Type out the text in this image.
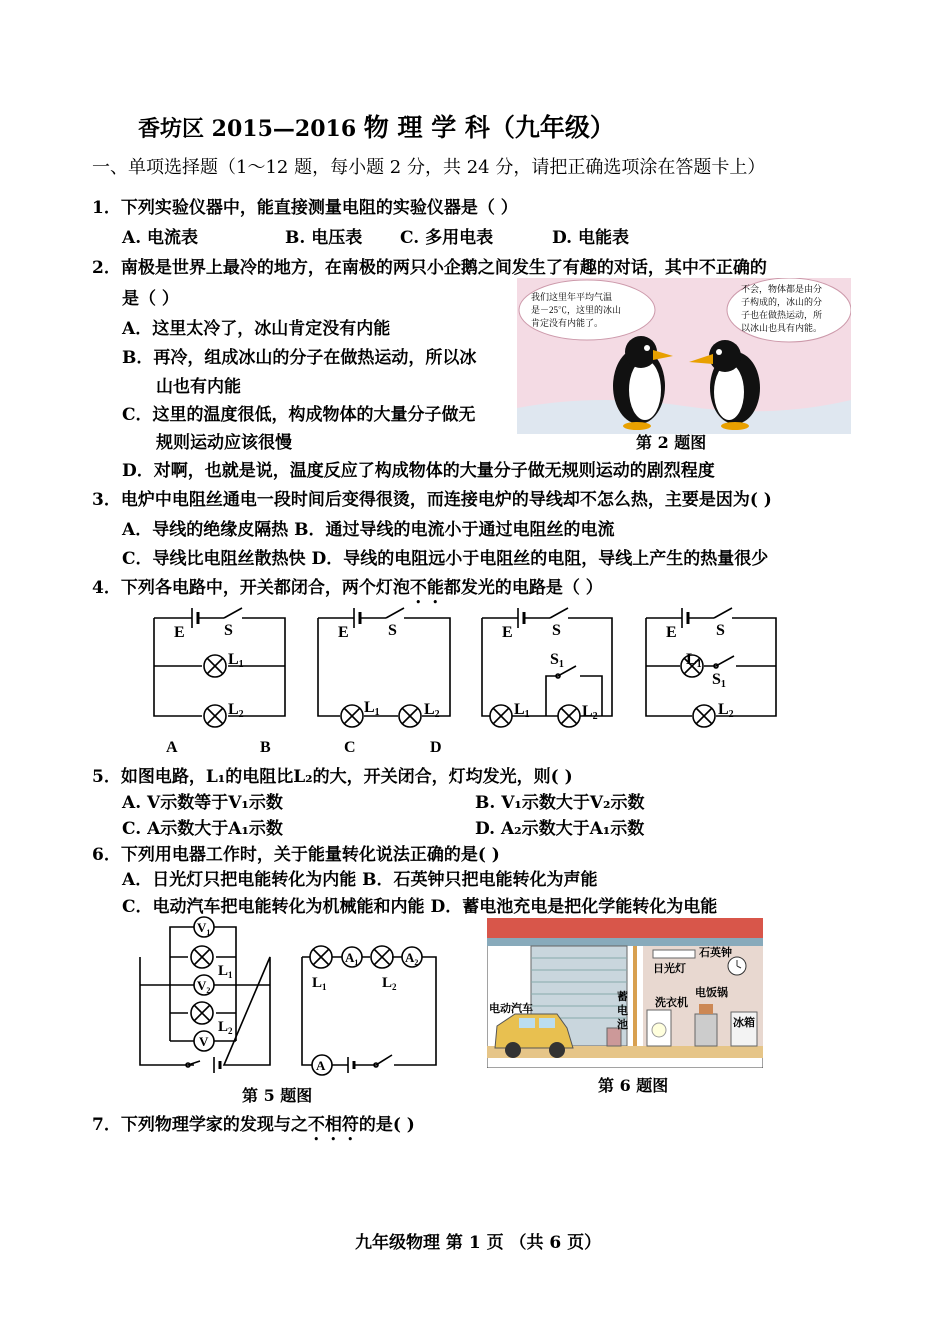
香坊区 2015—2016 物 理 学 科（九年级）
一、单项选择题（1～12 题，每小题 2 分，共 24 分，请把正确选项涂在答题卡上）
1．下列实验仪器中，能直接测量电阻的实验仪器是（ ）
A. 电流表	B. 电压表 C. 多用电表	D. 电能表
2．南极是世界上最冷的地方，在南极的两只小企鹅之间发生了有趣的对话，其中不正确的
是（ ）
A．这里太冷了，冰山肯定没有内能
B．再冷，组成冰山的分子在做热运动，所以冰
山也有内能
C．这里的温度很低，构成物体的大量分子做无
规则运动应该很慢
D．对啊，也就是说，温度反应了构成物体的大量分子做无规则运动的剧烈程度
我们这里年平均气温
是－25℃，这里的冰山
肯定没有内能了。
不会，物体都是由分
子构成的，冰山的分
子也在做热运动，所
以冰山也具有内能。
第 2 题图
3．电炉中电阻丝通电一段时间后变得很烫，而连接电炉的导线却不怎么热，主要是因为( )
A．导线的绝缘皮隔热 B．通过导线的电流小于通过电阻丝的电流
C．导线比电阻丝散热快 D．导线的电阻远小于电阻丝的电阻，导线上产生的热量很少
4．下列各电路中，开关都闭合，两个灯泡不能都发光的电路是（ ）
E S
L1
L2
E S
L1	L2
E S
S1
L1	L2
E S
L1
S1
L2
A	B	C	D
5．如图电路，L₁的电阻比L₂的大，开关闭合，灯均发光，则( )
A. V示数等于V₁示数	B. V₁示数大于V₂示数
C. A示数大于A₁示数	D. A₂示数大于A₁示数
6．下列用电器工作时，关于能量转化说法正确的是( )
A．日光灯只把电能转化为内能 B．石英钟只把电能转化为声能
C．电动汽车把电能转化为机械能和内能 D．蓄电池充电是把化学能转化为电能
$V_1$
$L_1$
$V_2$
$L_2$
V
$L_1$
$A_1$
$L_2$
$A_2$
A
第 5 题图
石英钟
日光灯
蓄
电
池
洗衣机
电饭锅
电动汽车
冰箱
第 6 题图
7．下列物理学家的发现与之不相符的是( )
九年级物理 第 1 页 （共 6 页）
